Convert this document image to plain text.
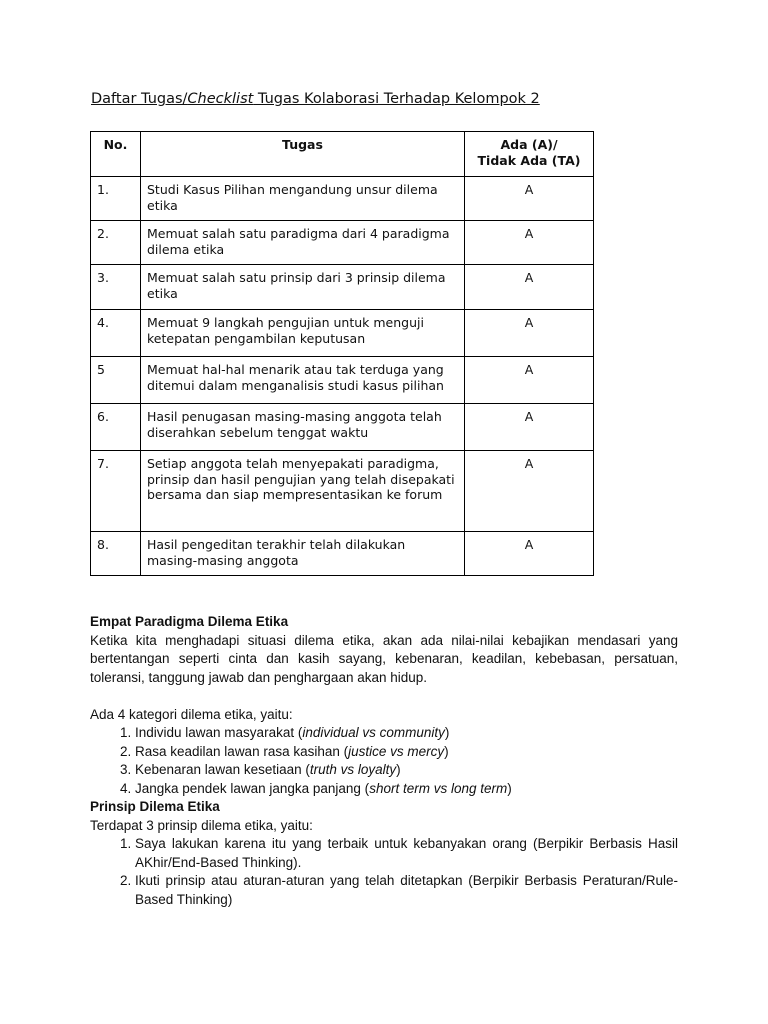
Daftar Tugas/Checklist Tugas Kolaborasi Terhadap Kelompok 2
No.	Tugas	Ada (A)/
Tidak Ada (TA)
1.	Studi Kasus Pilihan mengandung unsur dilema etika	A
2.	Memuat salah satu paradigma dari 4 paradigma dilema etika	A
3.	Memuat salah satu prinsip dari 3 prinsip dilema etika	A
4.	Memuat 9 langkah pengujian untuk menguji ketepatan pengambilan keputusan	A
5	Memuat hal-hal menarik atau tak terduga yang ditemui dalam menganalisis studi kasus pilihan	A
6.	Hasil penugasan masing-masing anggota telah diserahkan sebelum tenggat waktu	A
7.	Setiap anggota telah menyepakati paradigma, prinsip dan hasil pengujian yang telah disepakati bersama dan siap mempresentasikan ke forum	A
8.	Hasil pengeditan terakhir telah dilakukan masing-masing anggota	A
Empat Paradigma Dilema Etika
Ketika kita menghadapi situasi dilema etika, akan ada nilai-nilai kebajikan mendasari yang bertentangan seperti cinta dan kasih sayang, kebenaran, keadilan, kebebasan, persatuan, toleransi, tanggung jawab dan penghargaan akan hidup.
Ada 4 kategori dilema etika, yaitu:
1. Individu lawan masyarakat (individual vs community)
2. Rasa keadilan lawan rasa kasihan (justice vs mercy)
3. Kebenaran lawan kesetiaan (truth vs loyalty)
4. Jangka pendek lawan jangka panjang (short term vs long term)
Prinsip Dilema Etika
Terdapat 3 prinsip dilema etika, yaitu:
1. Saya lakukan karena itu yang terbaik untuk kebanyakan orang (Berpikir Berbasis Hasil AKhir/End-Based Thinking).
2. Ikuti prinsip atau aturan-aturan yang telah ditetapkan (Berpikir Berbasis Peraturan/Rule-Based Thinking)
